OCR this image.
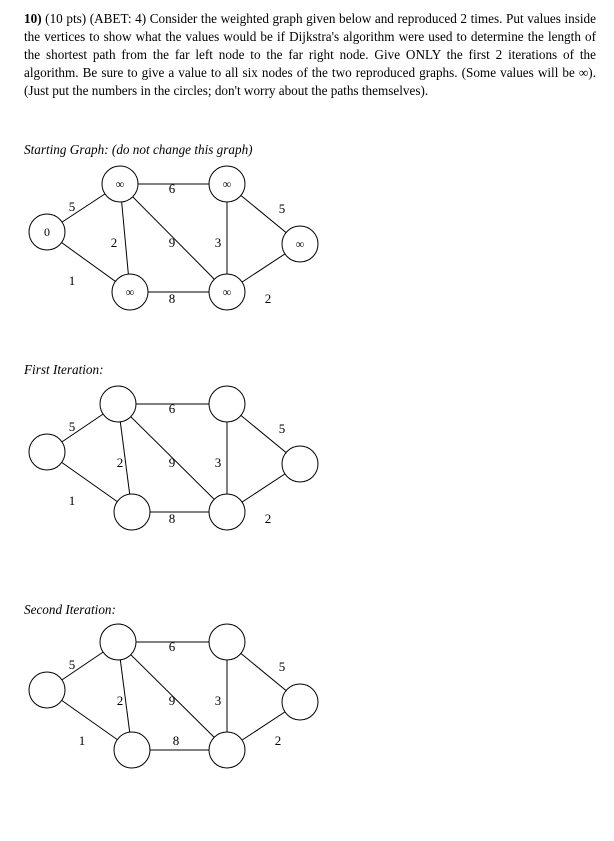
10) (10 pts) (ABET: 4) Consider the weighted graph given below and reproduced 2 times. Put values inside the vertices to show what the values would be if Dijkstra's algorithm were used to determine the length of the shortest path from the far left node to the far right node. Give ONLY the first 2 iterations of the algorithm. Be sure to give a value to all six nodes of the two reproduced graphs. (Some values will be ∞). (Just put the numbers in the circles; don't worry about the paths themselves).

Starting Graph: (do not change this graph)

5
1
6
2	9
8
3
5
2
0
∞
∞
∞
∞
∞

First Iteration:

5
1
6
2	9
8
3
5
2

Second Iteration:

5
1
6
2	9
8
3
5
2
